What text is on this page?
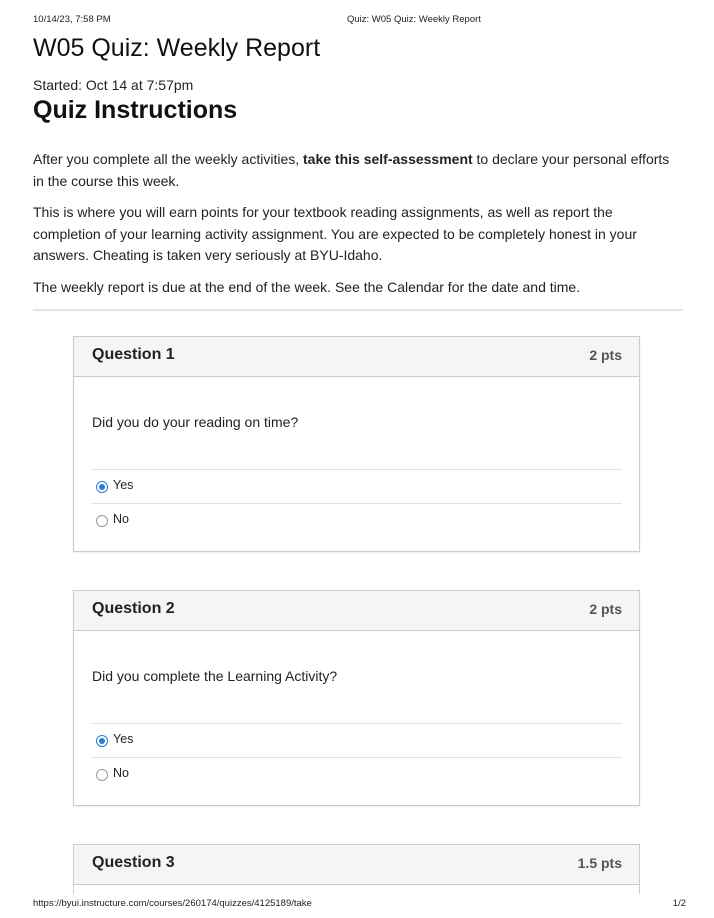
10/14/23, 7:58 PM	Quiz: W05 Quiz: Weekly Report
W05 Quiz: Weekly Report
Started: Oct 14 at 7:57pm
Quiz Instructions

After you complete all the weekly activities, take this self-assessment to declare your personal efforts in the course this week.

This is where you will earn points for your textbook reading assignments, as well as report the completion of your learning activity assignment. You are expected to be completely honest in your answers. Cheating is taken very seriously at BYU-Idaho.

The weekly report is due at the end of the week. See the Calendar for the date and time.

Question 1	2 pts
Did you do your reading on time?
Yes
No
Question 2	2 pts
Did you complete the Learning Activity?
Yes
No
Question 3	1.5 pts
https://byui.instructure.com/courses/260174/quizzes/4125189/take	1/2
